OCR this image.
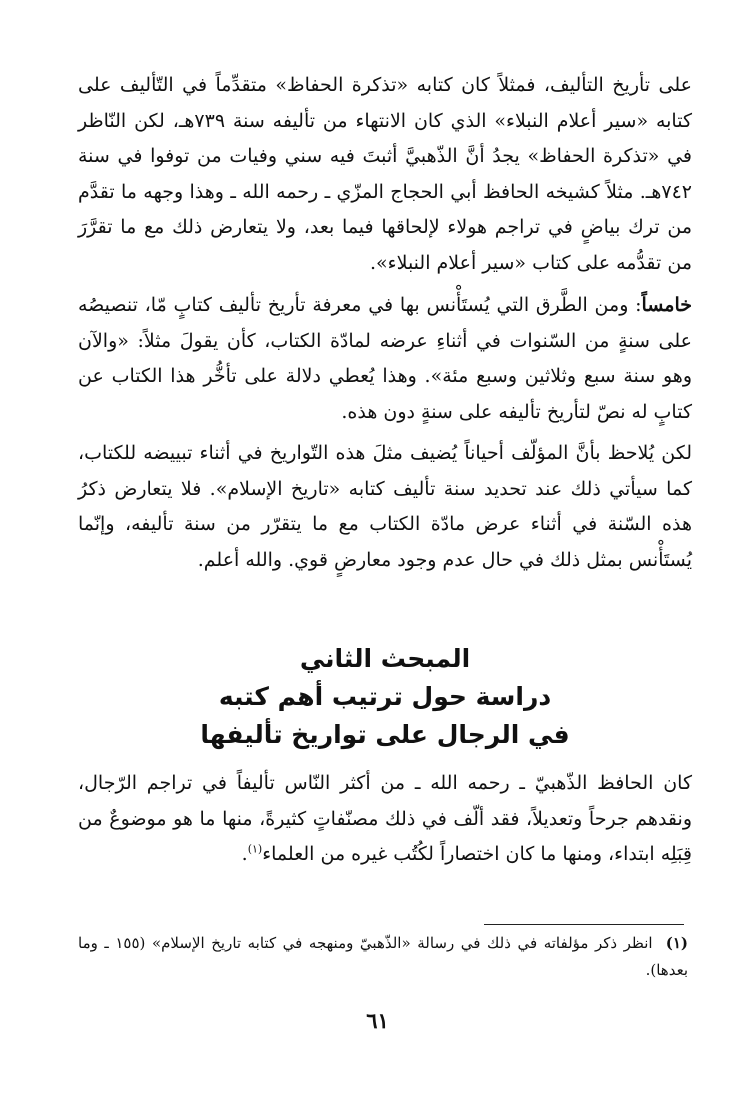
على تأريخ التأليف، فمثلاً كان كتابه «تذكرة الحفاظ» متقدِّماً في التّأليف على كتابه «سير أعلام النبلاء» الذي كان الانتهاء من تأليفه سنة ٧٣٩هـ، لكن النّاظر في «تذكرة الحفاظ» يجدُ أنَّ الذّهبيَّ أثبتَ فيه سني وفيات من توفوا في سنة ٧٤٢هـ. مثلاً كشيخه الحافظ أبي الحجاج المزّي ـ رحمه الله ـ وهذا وجهه ما تقدَّم من ترك بياضٍ في تراجم هولاء لإلحاقها فيما بعد، ولا يتعارض ذلك مع ما تقرَّرَ من تقدُّمه على كتاب «سير أعلام النبلاء».

خامساً: ومن الطَّرق التي يُستَأْنس بها في معرفة تأريخ تأليف كتابٍ مّا، تنصيصُه على سنةٍ من السّنوات في أثناءِ عرضه لمادّة الكتاب، كأن يقولَ مثلاً: «والآن وهو سنة سبع وثلاثين وسبع مئة». وهذا يُعطي دلالة على تأخُّر هذا الكتاب عن كتابٍ له نصّ لتأريخ تأليفه على سنةٍ دون هذه.

لكن يُلاحظ بأنَّ المؤلّف أحياناً يُضيف مثلَ هذه التّواريخ في أثناء تبييضه للكتاب، كما سيأتي ذلك عند تحديد سنة تأليف كتابه «تاريخ الإسلام». فلا يتعارض ذكرُ هذه السّنة في أثناء عرض مادّة الكتاب مع ما يتقرّر من سنة تأليفه، وإنّما يُستَأْنس بمثل ذلك في حال عدم وجود معارضٍ قوي. والله أعلم.

المبحث الثاني
دراسة حول ترتيب أهم كتبه
في الرجال على تواريخ تأليفها

كان الحافظ الذّهبيّ ـ رحمه الله ـ من أكثر النّاس تأليفاً في تراجم الرّجال، ونقدهم جرحاً وتعديلاً، فقد ألّف في ذلك مصنّفاتٍ كثيرةً، منها ما هو موضوعٌ من قِبَلِه ابتداء، ومنها ما كان اختصاراً لكُتُب غيره من العلماء$^{(١)}$.

(١)  انظر ذكر مؤلفاته في ذلك في رسالة «الذّهبيّ ومنهجه في كتابه تاريخ الإسلام» (١٥٥ ـ وما بعدها).

٦١
